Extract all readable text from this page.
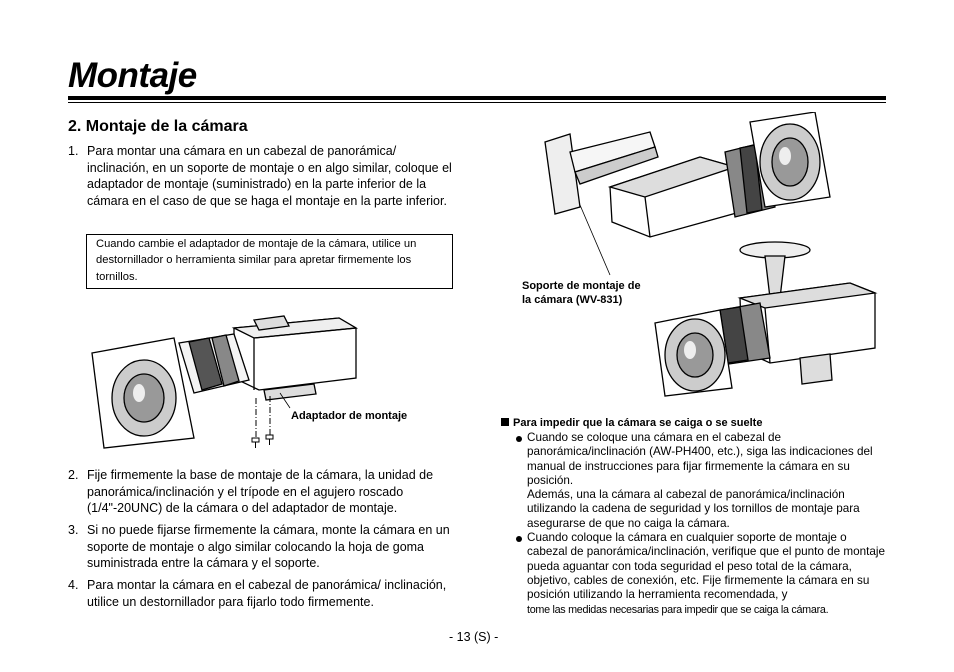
Montaje
2. Montaje de la cámara
1. Para montar una cámara en un cabezal de panorámica/ inclinación, en un soporte de montaje o en algo similar, coloque el adaptador de montaje (suministrado) en la parte inferior de la cámara en el caso de que se haga el montaje en la parte inferior.
Cuando cambie el adaptador de montaje de la cámara, utilice un destornillador o herramienta similar para apretar firmemente los tornillos.
Adaptador de montaje
2. Fije firmemente la base de montaje de la cámara, la unidad de panorámica/inclinación y el trípode en el agujero roscado (1/4"-20UNC) de la cámara o del adaptador de montaje.
3. Si no puede fijarse firmemente la cámara, monte la cámara en un soporte de montaje o algo similar colocando la hoja de goma suministrada entre la cámara y el soporte.
4. Para montar la cámara en el cabezal de panorámica/ inclinación, utilice un destornillador para fijarlo todo firmemente.
Soporte de montaje de
la cámara (WV-831)
Para impedir que la cámara se caiga o se suelte
Cuando se coloque una cámara en el cabezal de panorámica/inclinación (AW-PH400, etc.), siga las indicaciones del manual de instrucciones para fijar firmemente la cámara en su posición.
Además, una la cámara al cabezal de panorámica/inclinación utilizando la cadena de seguridad y los tornillos de montaje para asegurarse de que no caiga la cámara.
Cuando coloque la cámara en cualquier soporte de montaje o cabezal de panorámica/inclinación, verifique que el punto de montaje pueda aguantar con toda seguridad el peso total de la cámara, objetivo, cables de conexión, etc. Fije firmemente la cámara en su posición utilizando la herramienta recomendada, y
tome las medidas necesarias para impedir que se caiga la cámara.
- 13 (S) -
